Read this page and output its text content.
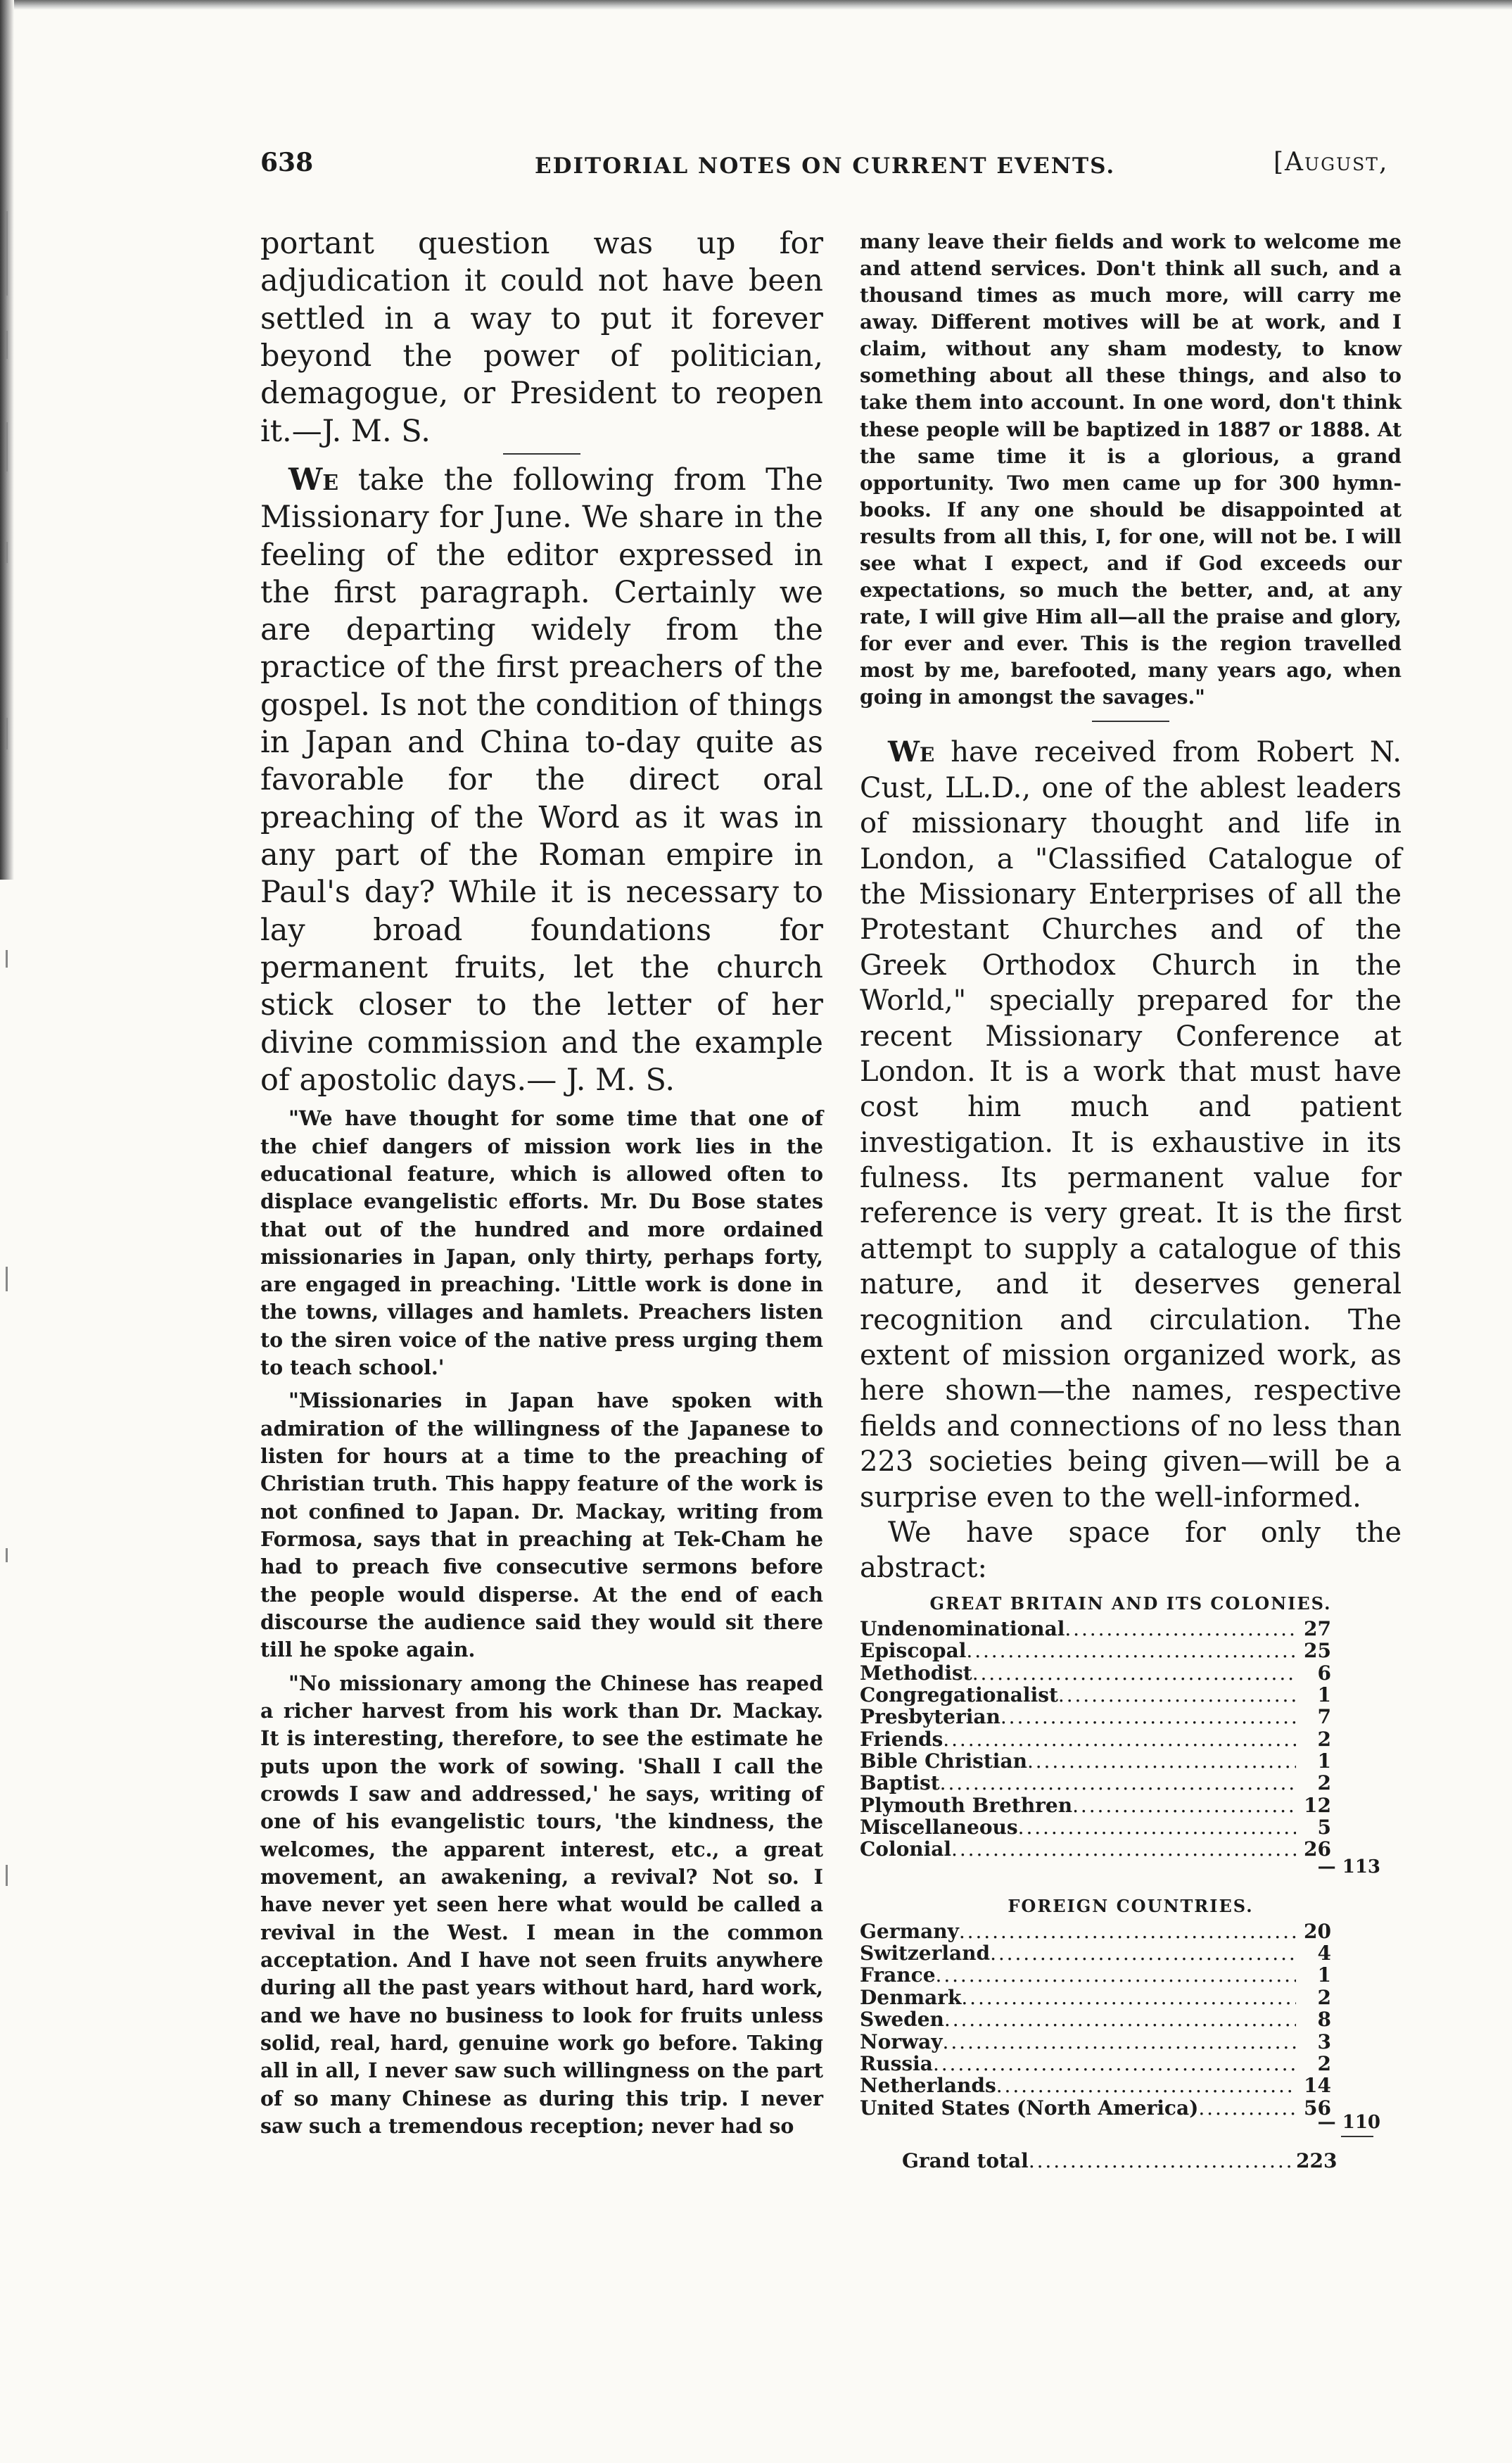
638	EDITORIAL NOTES ON CURRENT EVENTS.	[August,

portant question was up for adjudication it could not have been settled in a way to put it forever beyond the power of politician, demagogue, or President to reopen it.—J. M. S.

We take the following from The Missionary for June. We share in the feeling of the editor expressed in the first paragraph. Certainly we are departing widely from the practice of the first preachers of the gospel. Is not the condition of things in Japan and China to-day quite as favorable for the direct oral preaching of the Word as it was in any part of the Roman empire in Paul's day? While it is necessary to lay broad foundations for permanent fruits, let the church stick closer to the letter of her divine commission and the example of apostolic days.— J. M. S.

"We have thought for some time that one of the chief dangers of mission work lies in the educational feature, which is allowed often to displace evangelistic efforts. Mr. Du Bose states that out of the hundred and more ordained missionaries in Japan, only thirty, perhaps forty, are engaged in preaching. 'Little work is done in the towns, villages and hamlets. Preachers listen to the siren voice of the native press urging them to teach school.'

"Missionaries in Japan have spoken with admiration of the willingness of the Japanese to listen for hours at a time to the preaching of Christian truth. This happy feature of the work is not confined to Japan. Dr. Mackay, writing from Formosa, says that in preaching at Tek-Cham he had to preach five consecutive sermons before the people would disperse. At the end of each discourse the audience said they would sit there till he spoke again.

"No missionary among the Chinese has reaped a richer harvest from his work than Dr. Mackay. It is interesting, therefore, to see the estimate he puts upon the work of sowing. 'Shall I call the crowds I saw and addressed,' he says, writing of one of his evangelistic tours, 'the kindness, the welcomes, the apparent interest, etc., a great movement, an awakening, a revival? Not so. I have never yet seen here what would be called a revival in the West. I mean in the common acceptation. And I have not seen fruits anywhere during all the past years without hard, hard work, and we have no business to look for fruits unless solid, real, hard, genuine work go before. Taking all in all, I never saw such willingness on the part of so many Chinese as during this trip. I never saw such a tremendous reception; never had so

many leave their fields and work to welcome me and attend services. Don't think all such, and a thousand times as much more, will carry me away. Different motives will be at work, and I claim, without any sham modesty, to know something about all these things, and also to take them into account. In one word, don't think these people will be baptized in 1887 or 1888. At the same time it is a glorious, a grand opportunity. Two men came up for 300 hymn-books. If any one should be disappointed at results from all this, I, for one, will not be. I will see what I expect, and if God exceeds our expectations, so much the better, and, at any rate, I will give Him all—all the praise and glory, for ever and ever. This is the region travelled most by me, barefooted, many years ago, when going in amongst the savages."

We have received from Robert N. Cust, LL.D., one of the ablest leaders of missionary thought and life in London, a "Classified Catalogue of the Missionary Enterprises of all the Protestant Churches and of the Greek Orthodox Church in the World," specially prepared for the recent Missionary Conference at London. It is a work that must have cost him much and patient investigation. It is exhaustive in its fulness. Its permanent value for reference is very great. It is the first attempt to supply a catalogue of this nature, and it deserves general recognition and circulation. The extent of mission organized work, as here shown—the names, respective fields and connections of no less than 223 societies being given—will be a surprise even to the well-informed.

We have space for only the abstract:

GREAT BRITAIN AND ITS COLONIES.
Undenominational . . .	27
Episcopal . . .	25
Methodist . . .	6
Congregationalist . . .	1
Presbyterian . . .	7
Friends . . .	2
Bible Christian . . .	1
Baptist . . .	2
Plymouth Brethren . . .	12
Miscellaneous . . .	5
Colonial . . .	26
— 113
FOREIGN COUNTRIES.
Germany . . .	20
Switzerland . . .	4
France . . .	1
Denmark . . .	2
Sweden . . .	8
Norway . . .	3
Russia . . .	2
Netherlands . . .	14
United States (North America) . . .	56
— 110
Grand total . . .	223
